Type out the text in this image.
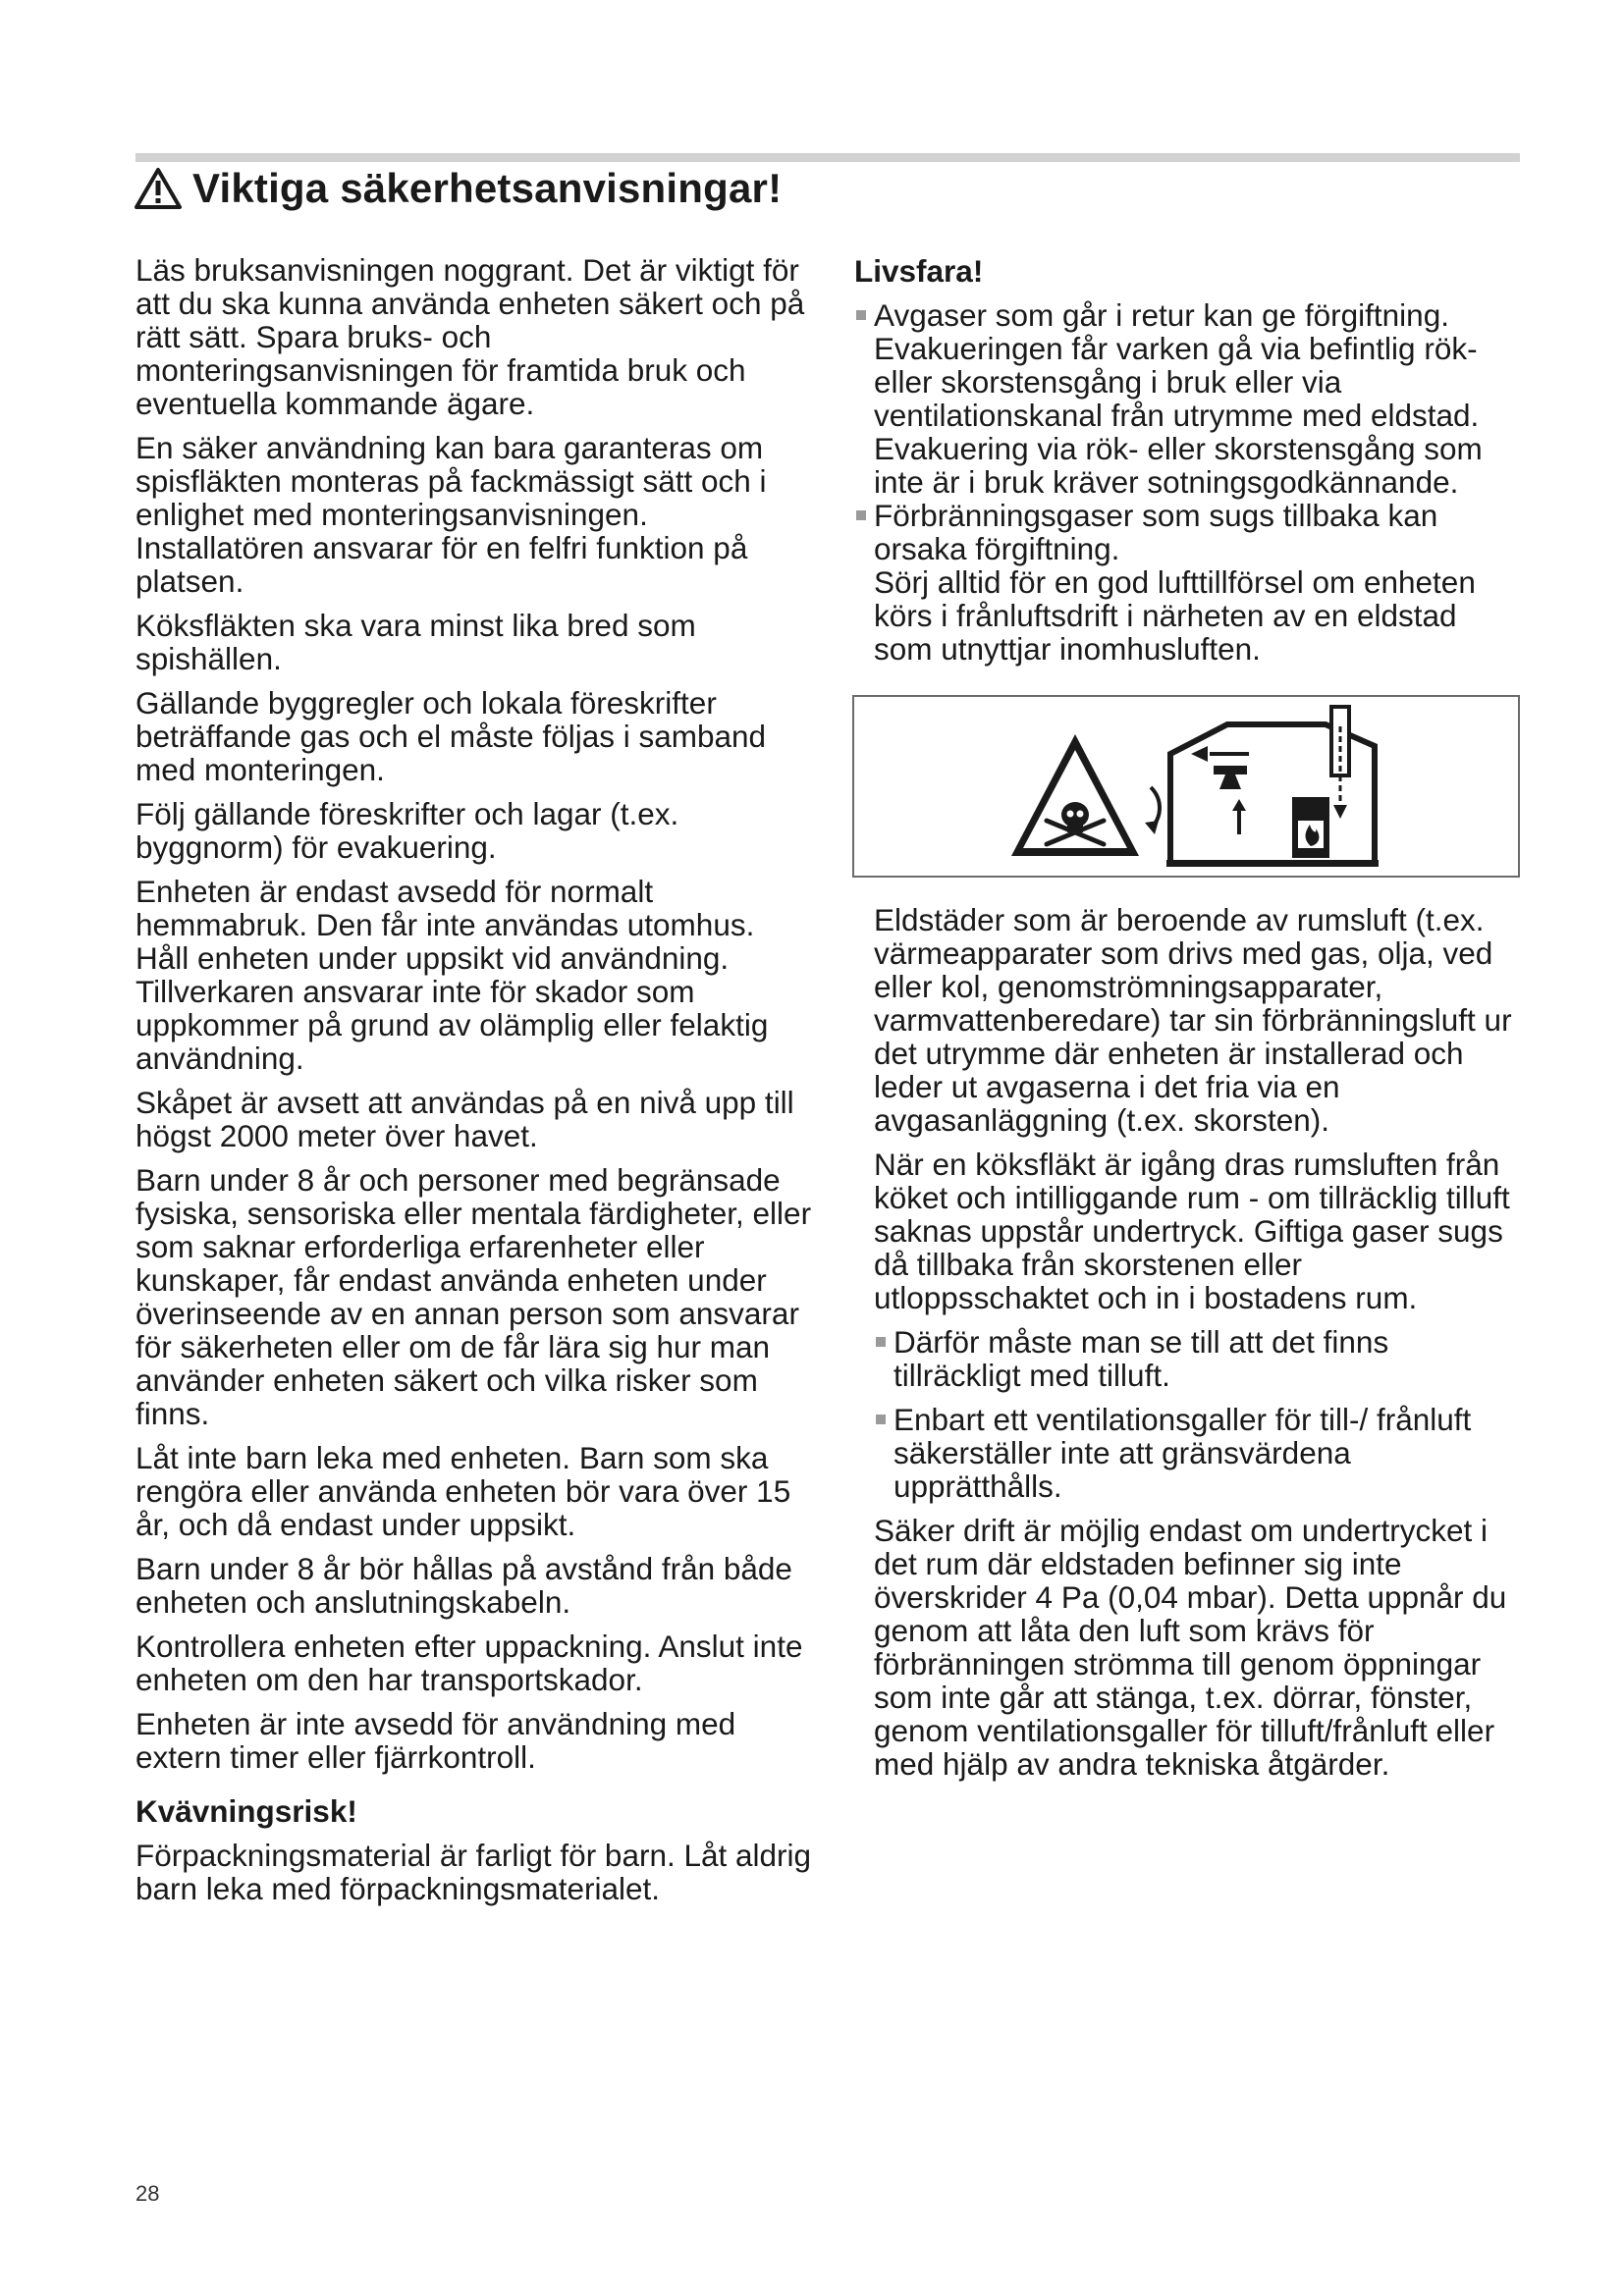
Viktiga säkerhetsanvisningar!

Läs bruksanvisningen noggrant. Det är viktigt för att du ska kunna använda enheten säkert och på rätt sätt. Spara bruks- och monteringsanvisningen för framtida bruk och eventuella kommande ägare.

En säker användning kan bara garanteras om spisfläkten monteras på fackmässigt sätt och i enlighet med monteringsanvisningen. Installatören ansvarar för en felfri funktion på platsen.

Köksfläkten ska vara minst lika bred som spishällen.

Gällande byggregler och lokala föreskrifter beträffande gas och el måste följas i samband med monteringen.

Följ gällande föreskrifter och lagar (t.ex. byggnorm) för evakuering.

Enheten är endast avsedd för normalt hemmabruk. Den får inte användas utomhus. Håll enheten under uppsikt vid användning. Tillverkaren ansvarar inte för skador som uppkommer på grund av olämplig eller felaktig användning.

Skåpet är avsett att användas på en nivå upp till högst 2000 meter över havet.

Barn under 8 år och personer med begränsade fysiska, sensoriska eller mentala färdigheter, eller som saknar erforderliga erfarenheter eller kunskaper, får endast använda enheten under överinseende av en annan person som ansvarar för säkerheten eller om de får lära sig hur man använder enheten säkert och vilka risker som finns.

Låt inte barn leka med enheten. Barn som ska rengöra eller använda enheten bör vara över 15 år, och då endast under uppsikt.

Barn under 8 år bör hållas på avstånd från både enheten och anslutningskabeln.

Kontrollera enheten efter uppackning. Anslut inte enheten om den har transportskador.

Enheten är inte avsedd för användning med extern timer eller fjärrkontroll.

Kvävningsrisk!

Förpackningsmaterial är farligt för barn. Låt aldrig barn leka med förpackningsmaterialet.

Livsfara!
Avgaser som går i retur kan ge förgiftning. Evakueringen får varken gå via befintlig rök- eller skorstensgång i bruk eller via ventilationskanal från utrymme med eldstad. Evakuering via rök- eller skorstensgång som inte är i bruk kräver sotningsgodkännande.
Förbränningsgaser som sugs tillbaka kan orsaka förgiftning.

Sörj alltid för en god lufttillförsel om enheten körs i frånluftsdrift i närheten av en eldstad som utnyttjar inomhusluften.

Eldstäder som är beroende av rumsluft (t.ex. värmeapparater som drivs med gas, olja, ved eller kol, genomströmningsapparater, varmvattenberedare) tar sin förbränningsluft ur det utrymme där enheten är installerad och leder ut avgaserna i det fria via en avgasanläggning (t.ex. skorsten).

När en köksfläkt är igång dras rumsluften från köket och intilliggande rum - om tillräcklig tilluft saknas uppstår undertryck. Giftiga gaser sugs då tillbaka från skorstenen eller utloppsschaktet och in i bostadens rum.

Därför måste man se till att det finns tillräckligt med tilluft.
Enbart ett ventilationsgaller för till-/ frånluft säkerställer inte att gränsvärdena upprätthålls.

Säker drift är möjlig endast om undertrycket i det rum där eldstaden befinner sig inte överskrider 4 Pa (0,04 mbar). Detta uppnår du genom att låta den luft som krävs för förbränningen strömma till genom öppningar som inte går att stänga, t.ex. dörrar, fönster, genom ventilationsgaller för tilluft/frånluft eller med hjälp av andra tekniska åtgärder.

28
